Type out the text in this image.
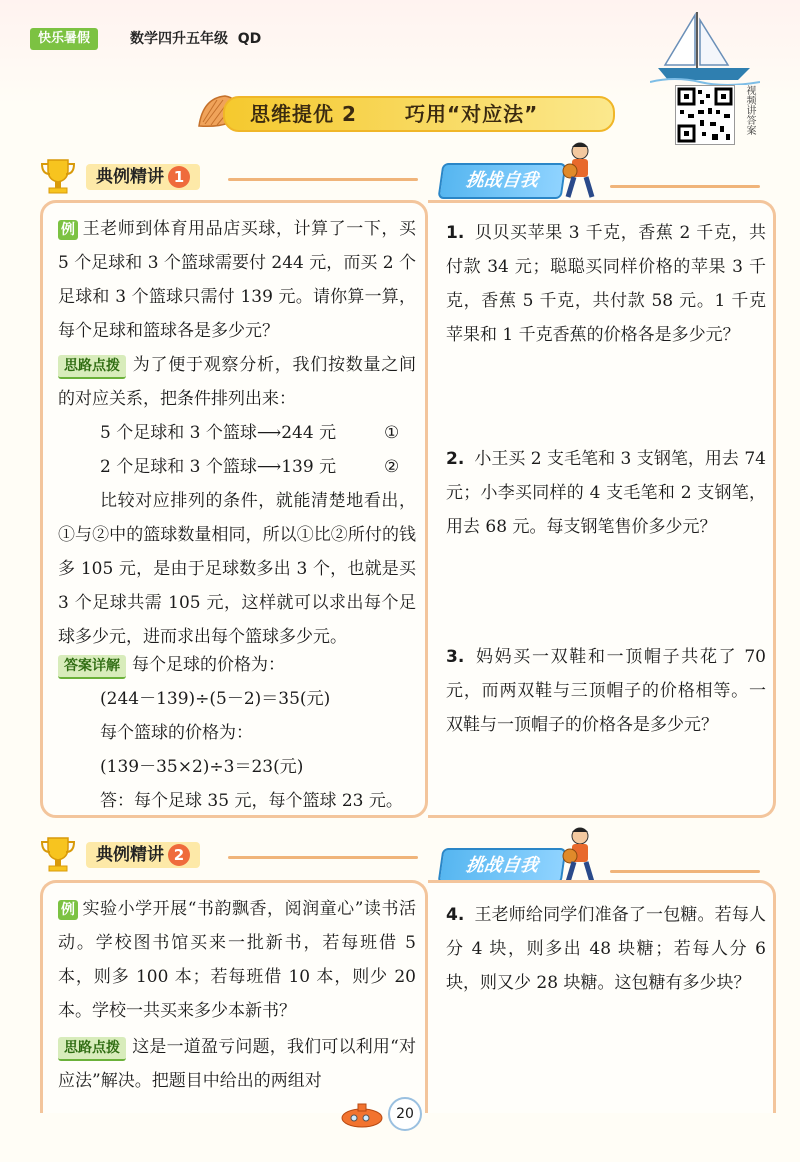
快乐暑假	数学四升五年级 QD
思维提优 2 巧用“对应法”	视频讲答案
典例精讲 1	挑战自我
例 王老师到体育用品店买球，计算了一下，买 5 个足球和 3 个篮球需要付 244 元，而买 2 个足球和 3 个篮球只需付 139 元。请你算一算，每个足球和篮球各是多少元？
思路点拨 为了便于观察分析，我们按数量之间的对应关系，把条件排列出来：
5 个足球和 3 个篮球⟶244 元	①
2 个足球和 3 个篮球⟶139 元	②
比较对应排列的条件，就能清楚地看出，①与②中的篮球数量相同，所以①比②所付的钱多 105 元，是由于足球数多出 3 个，也就是买 3 个足球共需 105 元，这样就可以求出每个足球多少元，进而求出每个篮球多少元。
答案详解 每个足球的价格为：
(244－139)÷(5－2)＝35(元)
每个篮球的价格为：
(139－35×2)÷3＝23(元)
答：每个足球 35 元，每个篮球 23 元。
1. 贝贝买苹果 3 千克，香蕉 2 千克，共付款 34 元；聪聪买同样价格的苹果 3 千克，香蕉 5 千克，共付款 58 元。1 千克苹果和 1 千克香蕉的价格各是多少元？
2. 小王买 2 支毛笔和 3 支钢笔，用去 74 元；小李买同样的 4 支毛笔和 2 支钢笔，用去 68 元。每支钢笔售价多少元？
3. 妈妈买一双鞋和一顶帽子共花了 70 元，而两双鞋与三顶帽子的价格相等。一双鞋与一顶帽子的价格各是多少元？
典例精讲 2	挑战自我
例 实验小学开展“书韵飘香，阅润童心”读书活动。学校图书馆买来一批新书，若每班借 5 本，则多 100 本；若每班借 10 本，则少 20 本。学校一共买来多少本新书？
思路点拨 这是一道盈亏问题，我们可以利用“对应法”解决。把题目中给出的两组对
4. 王老师给同学们准备了一包糖。若每人分 4 块，则多出 48 块糖；若每人分 6 块，则又少 28 块糖。这包糖有多少块？
20
